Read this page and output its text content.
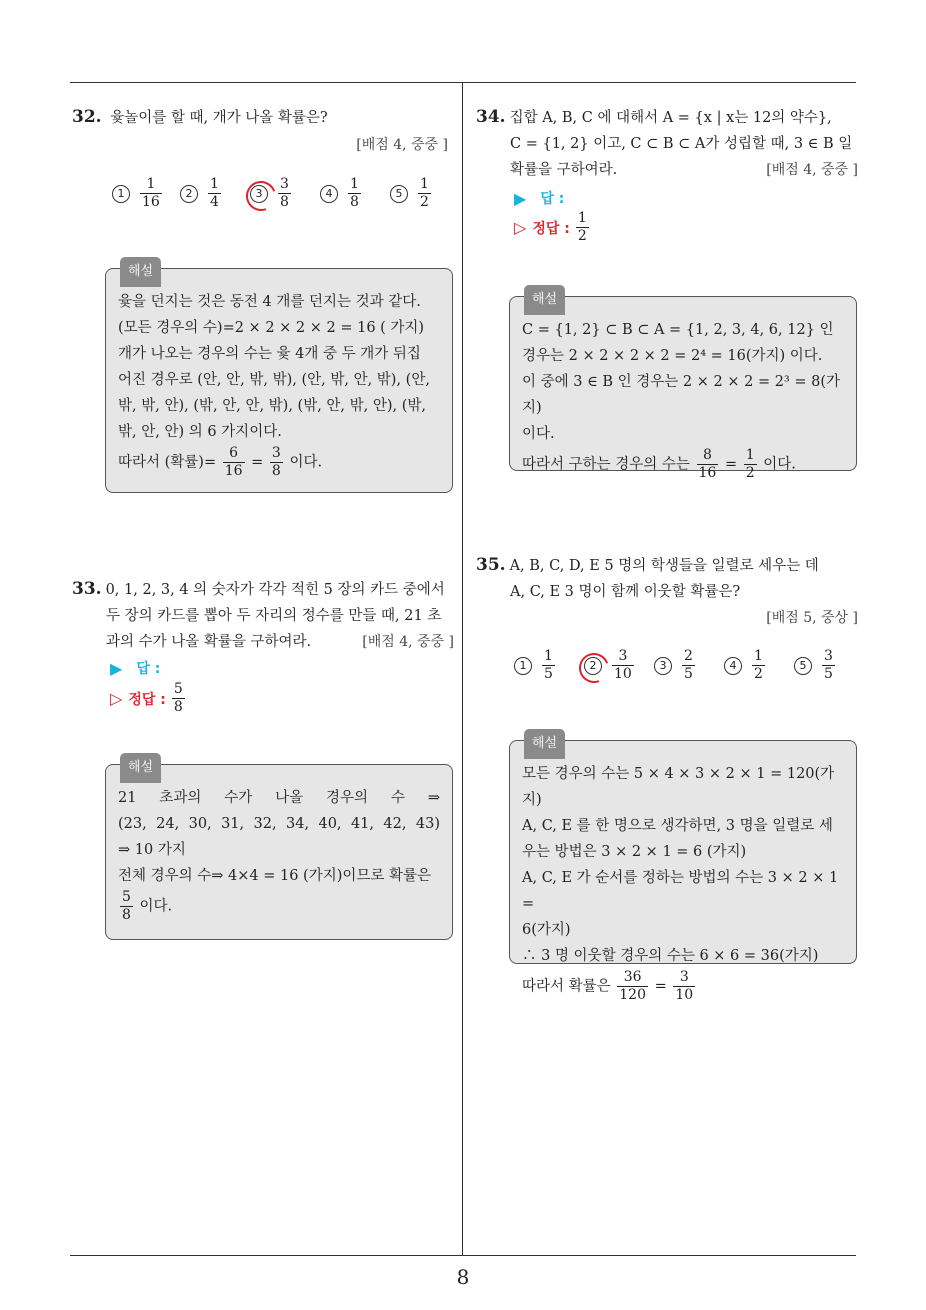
8
32. 윷놀이를 할 때, 개가 나올 확률은?
[배점 4, 중중 ]
1	$\frac{1}{16}$	2	$\frac{1}{4}$	3	$\frac{3}{8}$	4	$\frac{1}{8}$	5	$\frac{1}{2}$
해설

윷을 던지는 것은 동전 4 개를 던지는 것과 같다.

(모든 경우의 수)=2 × 2 × 2 × 2 = 16 ( 가지)

개가 나오는 경우의 수는 윷 4개 중 두 개가 뒤집

어진 경우로 (안, 안, 밖, 밖), (안, 밖, 안, 밖), (안,

밖, 밖, 안), (밖, 안, 안, 밖), (밖, 안, 밖, 안), (밖,

밖, 안, 안) 의 6 가지이다.

따라서 (확률)= $\frac{6}{16} = \frac{3}{8}$ 이다.

33. 0, 1, 2, 3, 4 의 숫자가 각각 적힌 5 장의 카드 중에서
두 장의 카드를 뽑아 두 자리의 정수를 만들 때, 21 초
과의 수가 나올 확률을 구하여라.	[배점 4, 중중 ]
▶ 답 :
▷ 정답 : $\frac{5}{8}$
해설

21 초과의 수가 나올 경우의 수 ⇒

(23, 24, 30, 31, 32, 34, 40, 41, 42, 43)

⇒ 10 가지

전체 경우의 수⇒ 4×4 = 16 (가지)이므로 확률은

$\frac{5}{8}$ 이다.

34. 집합 A, B, C 에 대해서 A = {x | x는 12의 약수},
C = {1, 2} 이고, C ⊂ B ⊂ A가 성립할 때, 3 ∈ B 일
확률을 구하여라.	[배점 4, 중중 ]
▶ 답 :
▷ 정답 : $\frac{1}{2}$
해설

C = {1, 2} ⊂ B ⊂ A = {1, 2, 3, 4, 6, 12} 인

경우는 2 × 2 × 2 × 2 = 2⁴ = 16(가지) 이다.

이 중에 3 ∈ B 인 경우는 2 × 2 × 2 = 2³ = 8(가지)

이다.

따라서 구하는 경우의 수는 $\frac{8}{16} = \frac{1}{2}$ 이다.

35. A, B, C, D, E 5 명의 학생들을 일렬로 세우는 데
A, C, E 3 명이 함께 이웃할 확률은?
[배점 5, 중상 ]
1	$\frac{1}{5}$	2	$\frac{3}{10}$	3	$\frac{2}{5}$	4	$\frac{1}{2}$	5	$\frac{3}{5}$
해설

모든 경우의 수는 5 × 4 × 3 × 2 × 1 = 120(가지)

A, C, E 를 한 명으로 생각하면, 3 명을 일렬로 세

우는 방법은 3 × 2 × 1 = 6 (가지)

A, C, E 가 순서를 정하는 방법의 수는 3 × 2 × 1 =

6(가지)

∴ 3 명 이웃할 경우의 수는 6 × 6 = 36(가지)

따라서 확률은 $\frac{36}{120} = \frac{3}{10}$
